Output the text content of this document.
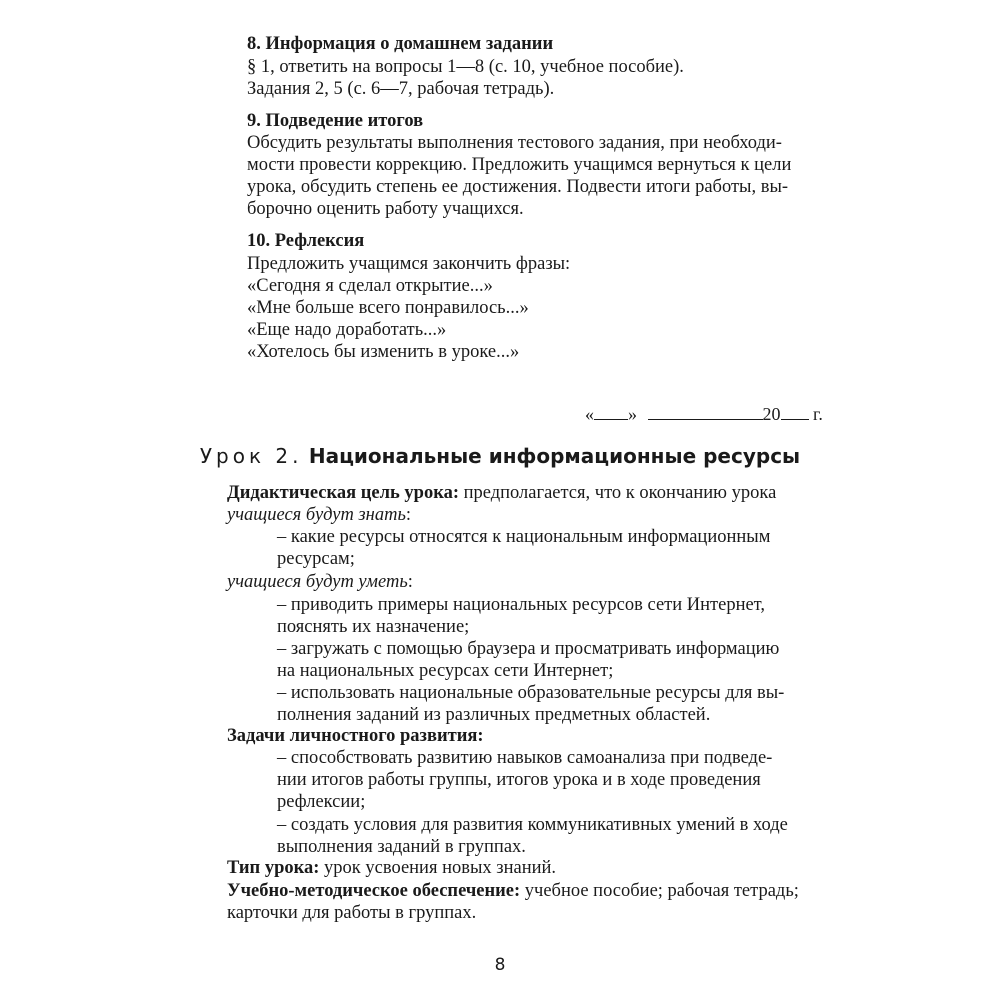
8. Информация о домашнем задании
§ 1, ответить на вопросы 1—8 (с. 10, учебное пособие).
Задания 2, 5 (с. 6—7, рабочая тетрадь).
9. Подведение итогов
Обсудить результаты выполнения тестового задания, при необходи-
мости провести коррекцию. Предложить учащимся вернуться к цели
урока, обсудить степень ее достижения. Подвести итоги работы, вы-
борочно оценить работу учащихся.
10. Рефлексия
Предложить учащимся закончить фразы:
«Сегодня я сделал открытие...»
«Мне больше всего понравилось...»
«Еще надо доработать...»
«Хотелось бы изменить в уроке...»
« »	20 г.
Урок 2. Национальные информационные ресурсы
Дидактическая цель урока: предполагается, что к окончанию урока
учащиеся будут знать:
– какие ресурсы относятся к национальным информационным
ресурсам;
учащиеся будут уметь:
– приводить примеры национальных ресурсов сети Интернет,
пояснять их назначение;
– загружать с помощью браузера и просматривать информацию
на национальных ресурсах сети Интернет;
– использовать национальные образовательные ресурсы для вы-
полнения заданий из различных предметных областей.
Задачи личностного развития:
– способствовать развитию навыков самоанализа при подведе-
нии итогов работы группы, итогов урока и в ходе проведения
рефлексии;
– создать условия для развития коммуникативных умений в ходе
выполнения заданий в группах.
Тип урока: урок усвоения новых знаний.
Учебно-методическое обеспечение: учебное пособие; рабочая тетрадь;
карточки для работы в группах.
8
